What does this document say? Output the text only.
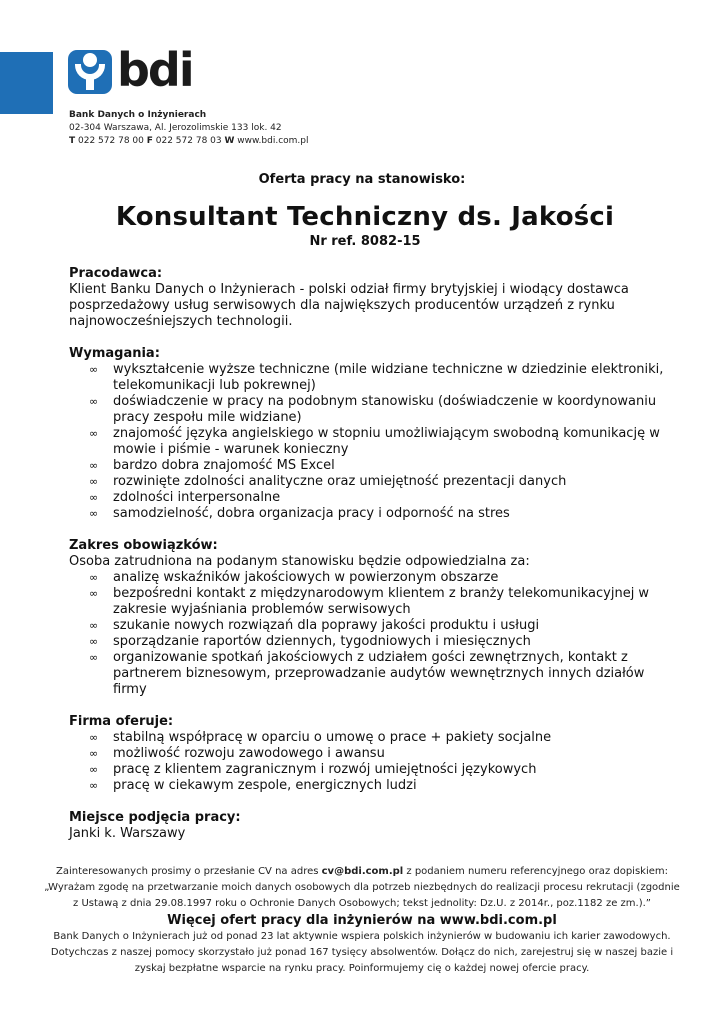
bdi
Bank Danych o Inżynierach
02-304 Warszawa, Al. Jerozolimskie 133 lok. 42
T 022 572 78 00 F 022 572 78 03 W www.bdi.com.pl
Oferta pracy na stanowisko:
Konsultant Techniczny ds. Jakości
Nr ref. 8082-15
Pracodawca:

Klient Banku Danych o Inżynierach - polski odział firmy brytyjskiej i wiodący dostawca posprzedażowy usług serwisowych dla największych producentów urządzeń z rynku najnowocześniejszych technologii.

Wymagania:
∞ wykształcenie wyższe techniczne (mile widziane techniczne w dziedzinie elektroniki, telekomunikacji lub pokrewnej)
∞ doświadczenie w pracy na podobnym stanowisku (doświadczenie w koordynowaniu pracy zespołu mile widziane)
∞ znajomość języka angielskiego w stopniu umożliwiającym swobodną komunikację w mowie i piśmie - warunek konieczny
∞ bardzo dobra znajomość MS Excel
∞ rozwinięte zdolności analityczne oraz umiejętność prezentacji danych
∞ zdolności interpersonalne
∞ samodzielność, dobra organizacja pracy i odporność na stres
Zakres obowiązków:

Osoba zatrudniona na podanym stanowisku będzie odpowiedzialna za:

∞ analizę wskaźników jakościowych w powierzonym obszarze
∞ bezpośredni kontakt z międzynarodowym klientem z branży telekomunikacyjnej w zakresie wyjaśniania problemów serwisowych
∞ szukanie nowych rozwiązań dla poprawy jakości produktu i usługi
∞ sporządzanie raportów dziennych, tygodniowych i miesięcznych
∞ organizowanie spotkań jakościowych z udziałem gości zewnętrznych, kontakt z partnerem biznesowym, przeprowadzanie audytów wewnętrznych innych działów firmy
Firma oferuje:
∞ stabilną współpracę w oparciu o umowę o prace + pakiety socjalne
∞ możliwość rozwoju zawodowego i awansu
∞ pracę z klientem zagranicznym i rozwój umiejętności językowych
∞ pracę w ciekawym zespole, energicznych ludzi
Miejsce podjęcia pracy:

Janki k. Warszawy

Zainteresowanych prosimy o przesłanie CV na adres cv@bdi.com.pl z podaniem numeru referencyjnego oraz dopiskiem:
„Wyrażam zgodę na przetwarzanie moich danych osobowych dla potrzeb niezbędnych do realizacji procesu rekrutacji (zgodnie z Ustawą z dnia 29.08.1997 roku o Ochronie Danych Osobowych; tekst jednolity: Dz.U. z 2014r., poz.1182 ze zm.).”
Więcej ofert pracy dla inżynierów na www.bdi.com.pl
Bank Danych o Inżynierach już od ponad 23 lat aktywnie wspiera polskich inżynierów w budowaniu ich karier zawodowych. Dotychczas z naszej pomocy skorzystało już ponad 167 tysięcy absolwentów. Dołącz do nich, zarejestruj się w naszej bazie i zyskaj bezpłatne wsparcie na rynku pracy. Poinformujemy cię o każdej nowej ofercie pracy.
